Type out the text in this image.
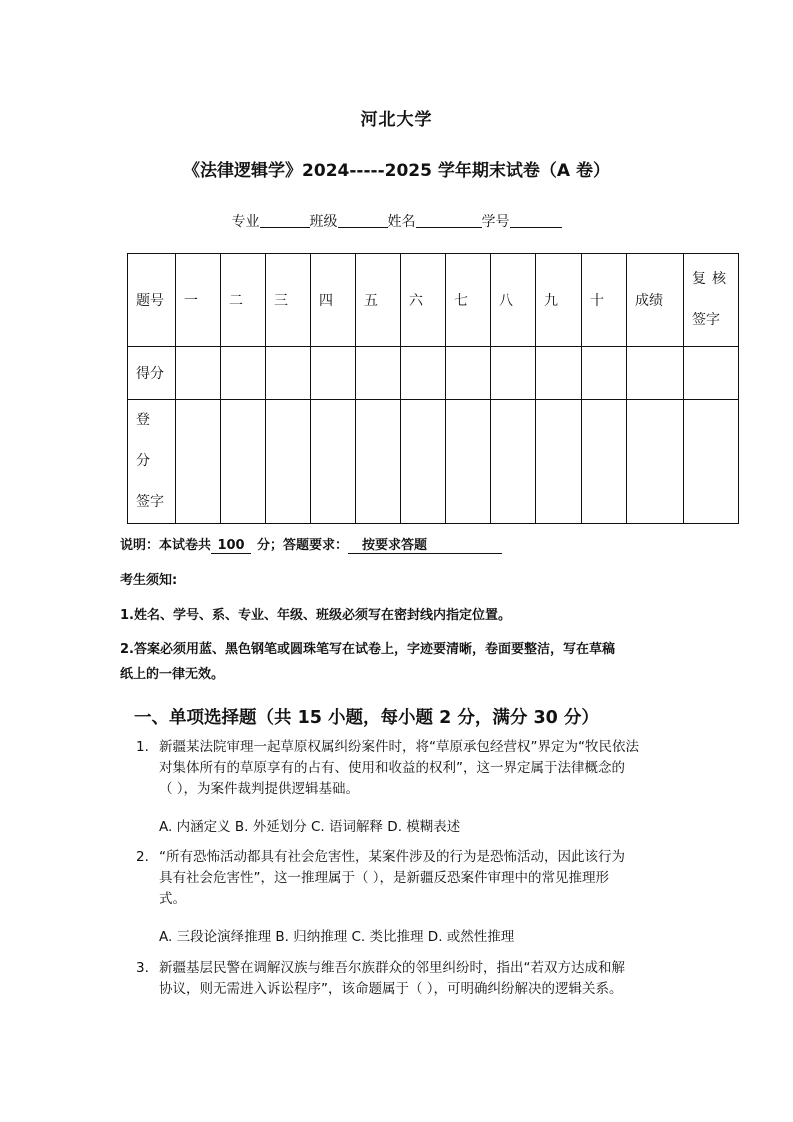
河北大学
《法律逻辑学》2024-----2025 学年期末试卷（A 卷）
专业	班级	姓名	学号
题号	一	二	三	四	五	六	七	八	九	十	成绩	复核
签字

得分												

登分
签字												

说明：本试卷共 100 分；答题要求： 按要求答题
考生须知:
1.姓名、学号、系、专业、年级、班级必须写在密封线内指定位置。
2.答案必须用蓝、黑色钢笔或圆珠笔写在试卷上，字迹要清晰，卷面要整洁，写在草稿
纸上的一律无效。
一、单项选择题（共 15 小题，每小题 2 分，满分 30 分）
1. 新疆某法院审理一起草原权属纠纷案件时，将“草原承包经营权”界定为“牧民依法
对集体所有的草原享有的占有、使用和收益的权利”，这一界定属于法律概念的
（ ），为案件裁判提供逻辑基础。
A. 内涵定义 B. 外延划分 C. 语词解释 D. 模糊表述
2. “所有恐怖活动都具有社会危害性，某案件涉及的行为是恐怖活动，因此该行为
具有社会危害性”，这一推理属于（ ），是新疆反恐案件审理中的常见推理形
式。
A. 三段论演绎推理 B. 归纳推理 C. 类比推理 D. 或然性推理
3. 新疆基层民警在调解汉族与维吾尔族群众的邻里纠纷时，指出“若双方达成和解
协议，则无需进入诉讼程序”，该命题属于（ ），可明确纠纷解决的逻辑关系。
